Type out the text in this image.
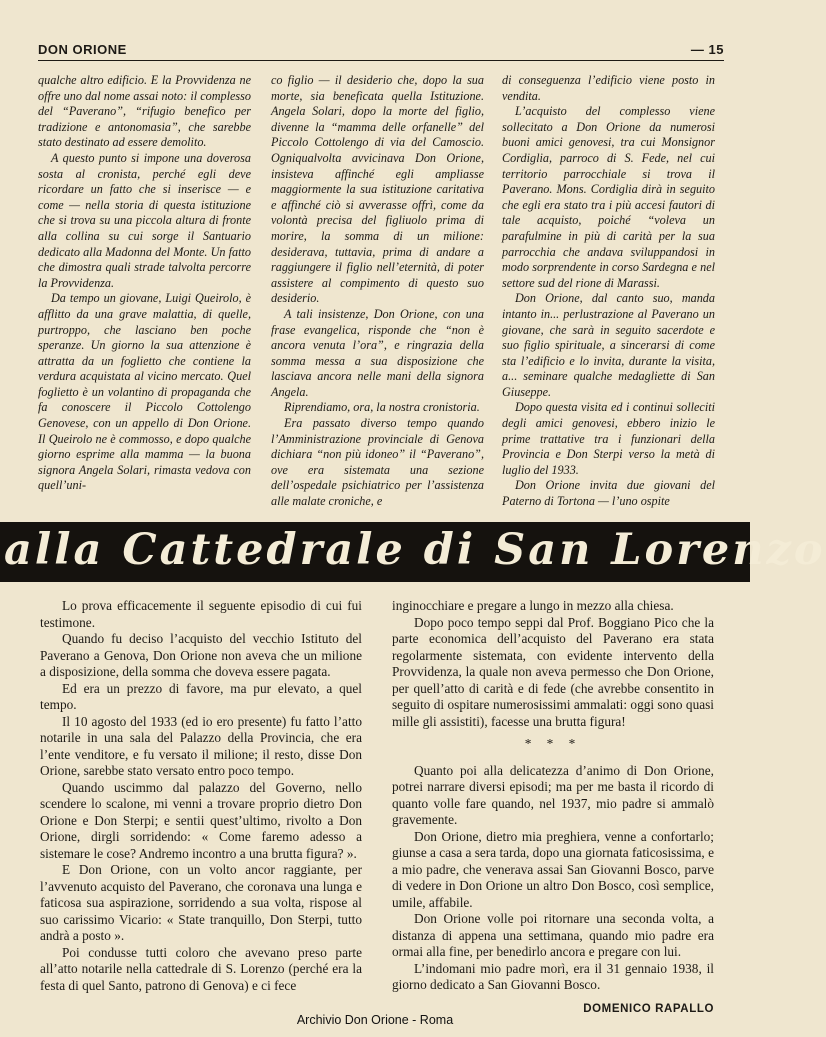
DON ORIONE	— 15

qualche altro edificio. E la Provvidenza ne offre uno dal nome assai noto: il complesso del “Paverano”, “rifugio benefico per tradizione e antonomasia”, che sarebbe stato destinato ad essere demolito.

A questo punto si impone una doverosa sosta al cronista, perché egli deve ricordare un fatto che si inserisce — e come — nella storia di questa istituzione che si trova su una piccola altura di fronte alla collina su cui sorge il Santuario dedicato alla Madonna del Monte. Un fatto che dimostra quali strade talvolta percorre la Provvidenza.

Da tempo un giovane, Luigi Queirolo, è afflitto da una grave malattia, di quelle, purtroppo, che lasciano ben poche speranze. Un giorno la sua attenzione è attratta da un foglietto che contiene la verdura acquistata al vicino mercato. Quel foglietto è un volantino di propaganda che fa conoscere il Piccolo Cottolengo Genovese, con un appello di Don Orione. Il Queirolo ne è commosso, e dopo qualche giorno esprime alla mamma — la buona signora Angela Solari, rimasta vedova con quell’uni-

co figlio — il desiderio che, dopo la sua morte, sia beneficata quella Istituzione. Angela Solari, dopo la morte del figlio, divenne la “mamma delle orfanelle” del Piccolo Cottolengo di via del Camoscio. Ogniqualvolta avvicinava Don Orione, insisteva affinché egli ampliasse maggiormente la sua istituzione caritativa e affinché ciò si avverasse offrì, come da volontà precisa del figliuolo prima di morire, la somma di un milione: desiderava, tuttavia, prima di andare a raggiungere il figlio nell’eternità, di poter assistere al compimento di questo suo desiderio.

A tali insistenze, Don Orione, con una frase evangelica, risponde che “non è ancora venuta l’ora”, e ringrazia della somma messa a sua disposizione che lasciava ancora nelle mani della signora Angela.

Riprendiamo, ora, la nostra cronistoria.

Era passato diverso tempo quando l’Amministrazione provinciale di Genova dichiara “non più idoneo” il “Paverano”, ove era sistemata una sezione dell’ospedale psichiatrico per l’assistenza alle malate croniche, e

di conseguenza l’edificio viene posto in vendita.

L’acquisto del complesso viene sollecitato a Don Orione da numerosi buoni amici genovesi, tra cui Monsignor Cordiglia, parroco di S. Fede, nel cui territorio parrocchiale si trova il Paverano. Mons. Cordiglia dirà in seguito che egli era stato tra i più accesi fautori di tale acquisto, poiché “voleva un parafulmine in più di carità per la sua parrocchia che andava sviluppandosi in modo sorprendente in corso Sardegna e nel settore sud del rione di Marassi.

Don Orione, dal canto suo, manda intanto in... perlustrazione al Paverano un giovane, che sarà in seguito sacerdote e suo figlio spirituale, a sincerarsi di come sta l’edificio e lo invita, durante la visita, a... seminare qualche medagliette di San Giuseppe.

Dopo questa visita ed i continui solleciti degli amici genovesi, ebbero inizio le prime trattative tra i funzionari della Provincia e Don Sterpi verso la metà di luglio del 1933.

Don Orione invita due giovani del Paterno di Tortona — l’uno ospite

alla Cattedrale di San Lorenzo

Lo prova efficacemente il seguente episodio di cui fui testimone.

Quando fu deciso l’acquisto del vecchio Istituto del Paverano a Genova, Don Orione non aveva che un milione a disposizione, della somma che doveva essere pagata.

Ed era un prezzo di favore, ma pur elevato, a quel tempo.

Il 10 agosto del 1933 (ed io ero presente) fu fatto l’atto notarile in una sala del Palazzo della Provincia, che era l’ente venditore, e fu versato il milione; il resto, disse Don Orione, sarebbe stato versato entro poco tempo.

Quando uscimmo dal palazzo del Governo, nello scendere lo scalone, mi venni a trovare proprio dietro Don Orione e Don Sterpi; e sentii quest’ultimo, rivolto a Don Orione, dirgli sorridendo: « Come faremo adesso a sistemare le cose? Andremo incontro a una brutta figura? ».

E Don Orione, con un volto ancor raggiante, per l’avvenuto acquisto del Paverano, che coronava una lunga e faticosa sua aspirazione, sorridendo a sua volta, rispose al suo carissimo Vicario: « State tranquillo, Don Sterpi, tutto andrà a posto ».

Poi condusse tutti coloro che avevano preso parte all’atto notarile nella cattedrale di S. Lorenzo (perché era la festa di quel Santo, patrono di Genova) e ci fece

inginocchiare e pregare a lungo in mezzo alla chiesa.

Dopo poco tempo seppi dal Prof. Boggiano Pico che la parte economica dell’acquisto del Paverano era stata regolarmente sistemata, con evidente intervento della Provvidenza, la quale non aveva permesso che Don Orione, per quell’atto di carità e di fede (che avrebbe consentito in seguito di ospitare numerosissimi ammalati: oggi sono quasi mille gli assistiti), facesse una brutta figura!

* * *

Quanto poi alla delicatezza d’animo di Don Orione, potrei narrare diversi episodi; ma per me basta il ricordo di quanto volle fare quando, nel 1937, mio padre si ammalò gravemente.

Don Orione, dietro mia preghiera, venne a confortarlo; giunse a casa a sera tarda, dopo una giornata faticosissima, e a mio padre, che venerava assai San Giovanni Bosco, parve di vedere in Don Orione un altro Don Bosco, così semplice, umile, affabile.

Don Orione volle poi ritornare una seconda volta, a distanza di appena una settimana, quando mio padre era ormai alla fine, per benedirlo ancora e pregare con lui.

L’indomani mio padre morì, era il 31 gennaio 1938, il giorno dedicato a San Giovanni Bosco.

DOMENICO RAPALLO

Archivio Don Orione - Roma
